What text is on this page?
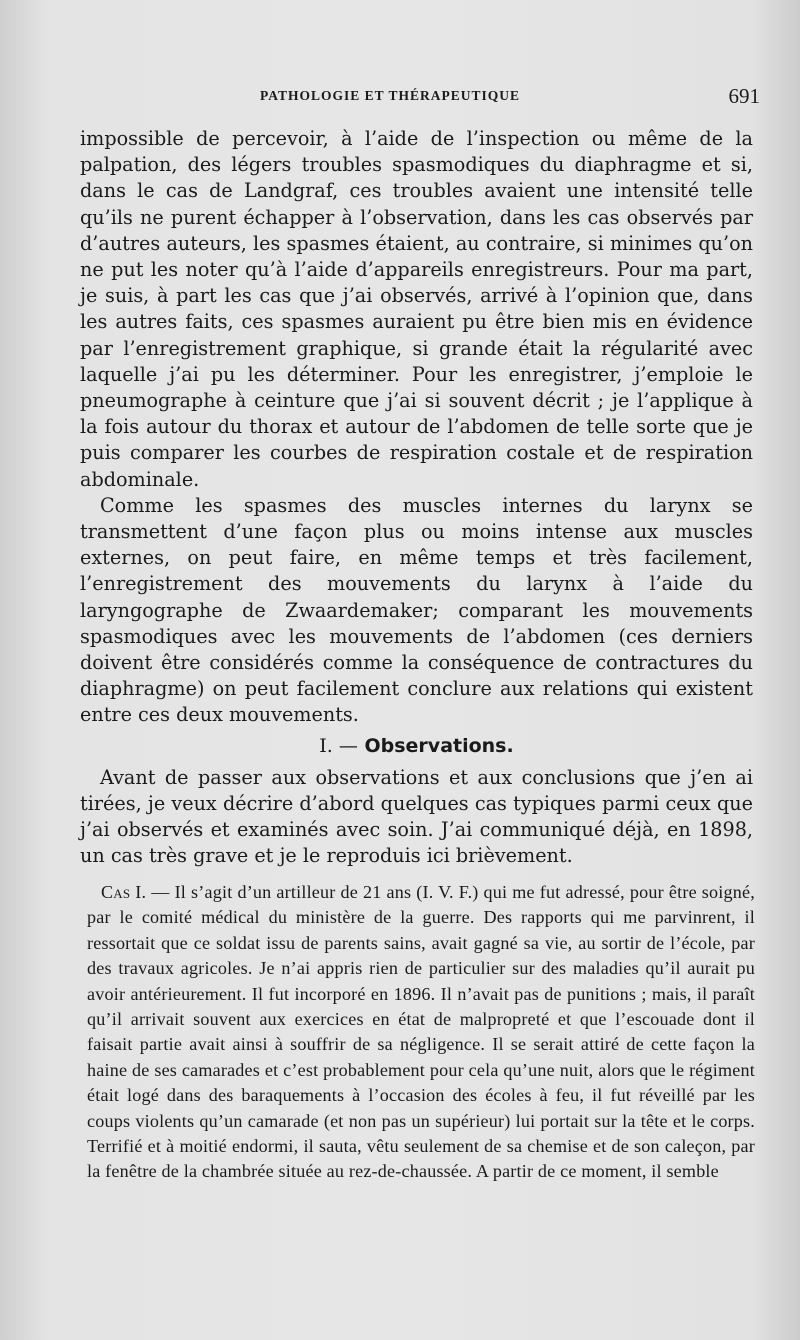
PATHOLOGIE ET THÉRAPEUTIQUE	691

impossible de percevoir, à l’aide de l’inspection ou même de la palpation, des légers troubles spasmodiques du diaphragme et si, dans le cas de Landgraf, ces troubles avaient une intensité telle qu’ils ne purent échapper à l’observation, dans les cas observés par d’autres auteurs, les spasmes étaient, au contraire, si minimes qu’on ne put les noter qu’à l’aide d’appareils enregistreurs. Pour ma part, je suis, à part les cas que j’ai observés, arrivé à l’opinion que, dans les autres faits, ces spasmes auraient pu être bien mis en évidence par l’enregistrement graphique, si grande était la régularité avec laquelle j’ai pu les déterminer. Pour les enregistrer, j’emploie le pneumographe à ceinture que j’ai si souvent décrit ; je l’applique à la fois autour du thorax et autour de l’abdomen de telle sorte que je puis comparer les courbes de respiration costale et de respiration abdominale.

Comme les spasmes des muscles internes du larynx se transmettent d’une façon plus ou moins intense aux muscles externes, on peut faire, en même temps et très facilement, l’enregistrement des mouvements du larynx à l’aide du laryngographe de Zwaardemaker; comparant les mouvements spasmodiques avec les mouvements de l’abdomen (ces derniers doivent être considérés comme la conséquence de contractures du diaphragme) on peut facilement conclure aux relations qui existent entre ces deux mouvements.

I. — Observations.

Avant de passer aux observations et aux conclusions que j’en ai tirées, je veux décrire d’abord quelques cas typiques parmi ceux que j’ai observés et examinés avec soin. J’ai communiqué déjà, en 1898, un cas très grave et je le reproduis ici brièvement.

Cas I. — Il s’agit d’un artilleur de 21 ans (I. V. F.) qui me fut adressé, pour être soigné, par le comité médical du ministère de la guerre. Des rapports qui me parvinrent, il ressortait que ce soldat issu de parents sains, avait gagné sa vie, au sortir de l’école, par des travaux agricoles. Je n’ai appris rien de particulier sur des maladies qu’il aurait pu avoir antérieurement. Il fut incorporé en 1896. Il n’avait pas de punitions ; mais, il paraît qu’il arrivait souvent aux exercices en état de malpropreté et que l’escouade dont il faisait partie avait ainsi à souffrir de sa négligence. Il se serait attiré de cette façon la haine de ses camarades et c’est probablement pour cela qu’une nuit, alors que le régiment était logé dans des baraquements à l’occasion des écoles à feu, il fut réveillé par les coups violents qu’un camarade (et non pas un supérieur) lui portait sur la tête et le corps. Terrifié et à moitié endormi, il sauta, vêtu seulement de sa chemise et de son caleçon, par la fenêtre de la chambrée située au rez-de-chaussée. A partir de ce moment, il semble
